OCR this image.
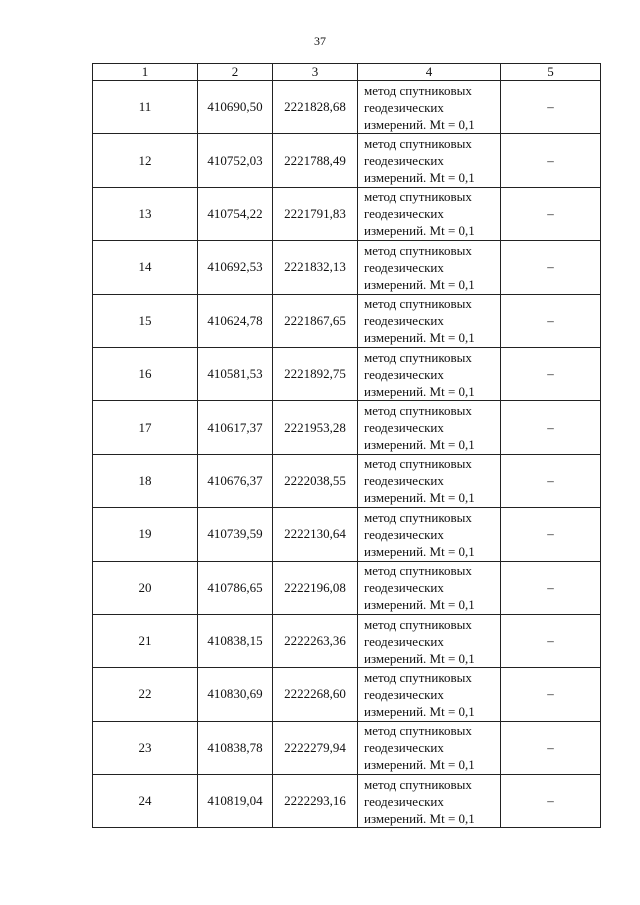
37
1	2	3	4	5
11	410690,50	2221828,68	метод спутниковых
геодезических
измерений. Mt = 0,1	–
12	410752,03	2221788,49	метод спутниковых
геодезических
измерений. Mt = 0,1	–
13	410754,22	2221791,83	метод спутниковых
геодезических
измерений. Mt = 0,1	–
14	410692,53	2221832,13	метод спутниковых
геодезических
измерений. Mt = 0,1	–
15	410624,78	2221867,65	метод спутниковых
геодезических
измерений. Mt = 0,1	–
16	410581,53	2221892,75	метод спутниковых
геодезических
измерений. Mt = 0,1	–
17	410617,37	2221953,28	метод спутниковых
геодезических
измерений. Mt = 0,1	–
18	410676,37	2222038,55	метод спутниковых
геодезических
измерений. Mt = 0,1	–
19	410739,59	2222130,64	метод спутниковых
геодезических
измерений. Mt = 0,1	–
20	410786,65	2222196,08	метод спутниковых
геодезических
измерений. Mt = 0,1	–
21	410838,15	2222263,36	метод спутниковых
геодезических
измерений. Mt = 0,1	–
22	410830,69	2222268,60	метод спутниковых
геодезических
измерений. Mt = 0,1	–
23	410838,78	2222279,94	метод спутниковых
геодезических
измерений. Mt = 0,1	–
24	410819,04	2222293,16	метод спутниковых
геодезических
измерений. Mt = 0,1	–
